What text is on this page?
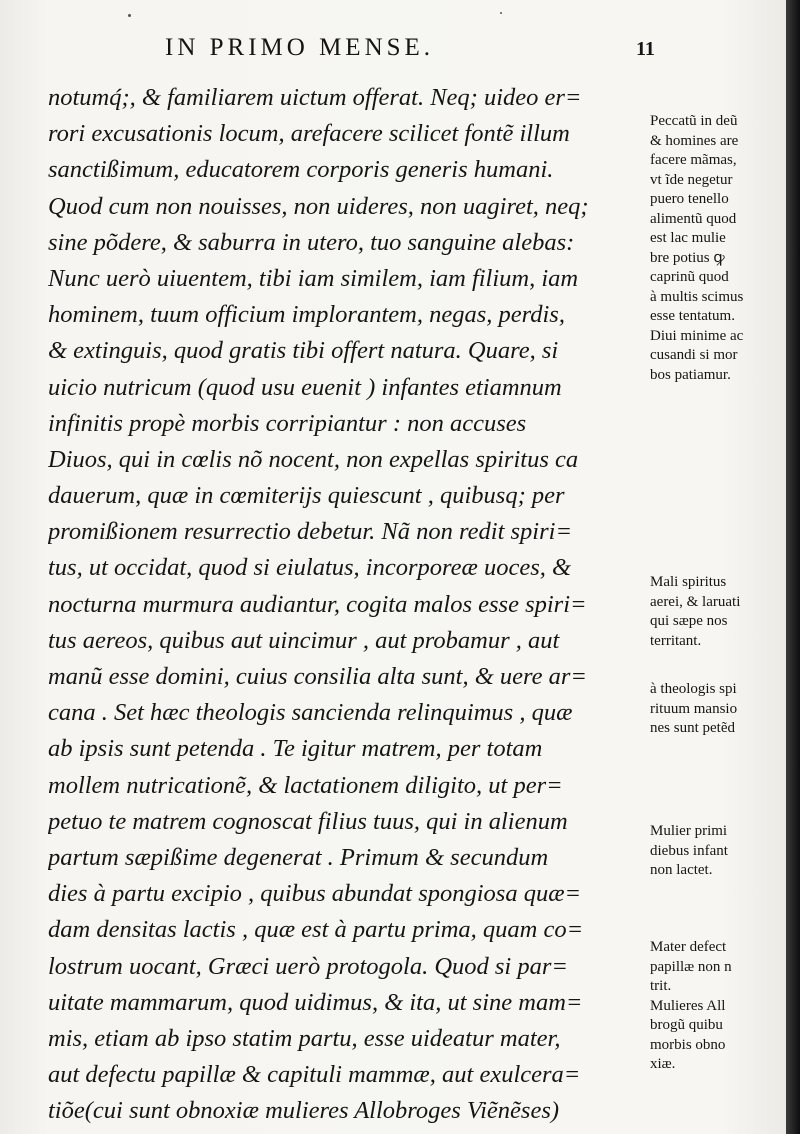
IN PRIMO MENSE.	11
notumq́;, & familiarem uictum offerat. Neq; uideo er=
rori excusationis locum, arefacere scilicet fontẽ illum
sanctißimum, educatorem corporis generis humani.
Quod cum non nouisses, non uideres, non uagiret, neq;
sine põdere, & saburra in utero, tuo sanguine alebas:
Nunc uerò uiuentem, tibi iam similem, iam filium, iam
hominem, tuum officium implorantem, negas, perdis,
& extinguis, quod gratis tibi offert natura. Quare, si
uicio nutricum (quod usu euenit ) infantes etiamnum
infinitis propè morbis corripiantur : non accuses
Diuos, qui in cœlis nõ nocent, non expellas spiritus ca
dauerum, quæ in cœmiterijs quiescunt , quibusq; per
promißionem resurrectio debetur. Nã non redit spiri=
tus, ut occidat, quod si eiulatus, incorporeæ uoces, &
nocturna murmura audiantur, cogita malos esse spiri=
tus aereos, quibus aut uincimur , aut probamur , aut
manũ esse domini, cuius consilia alta sunt, & uere ar=
cana . Set hæc theologis sancienda relinquimus , quæ
ab ipsis sunt petenda . Te igitur matrem, per totam
mollem nutricationẽ, & lactationem diligito, ut per=
petuo te matrem cognoscat filius tuus, qui in alienum
partum sæpißime degenerat . Primum & secundum
dies à partu excipio , quibus abundat spongiosa quæ=
dam densitas lactis , quæ est à partu prima, quam co=
lostrum uocant, Græci uerò protogola. Quod si par=
uitate mammarum, quod uidimus, & ita, ut sine mam=
mis, etiam ab ipso statim partu, esse uideatur mater,
aut defectu papillæ & capituli mammæ, aut exulcera=
tiõe(cui sunt obnoxiæ mulieres Allobroges Viẽnẽses)
Peccatũ in deũ
& homines are
facere mãmas,
vt ĩde negetur
puero tenello
alimentũ quod
est lac mulie
bre potius ꝙ
caprinũ quod
à multis scimus
esse tentatum.
Diui minime ac
cusandi si mor
bos patiamur.
Mali spiritus
aerei, & laruati
qui sæpe nos
territant.
à theologis spi
rituum mansio
nes sunt petẽd
Mulier primi
diebus infant
non lactet.
Mater defect
papillæ non n
trit.
Mulieres All
brogũ quibu
morbis obno
xiæ.
